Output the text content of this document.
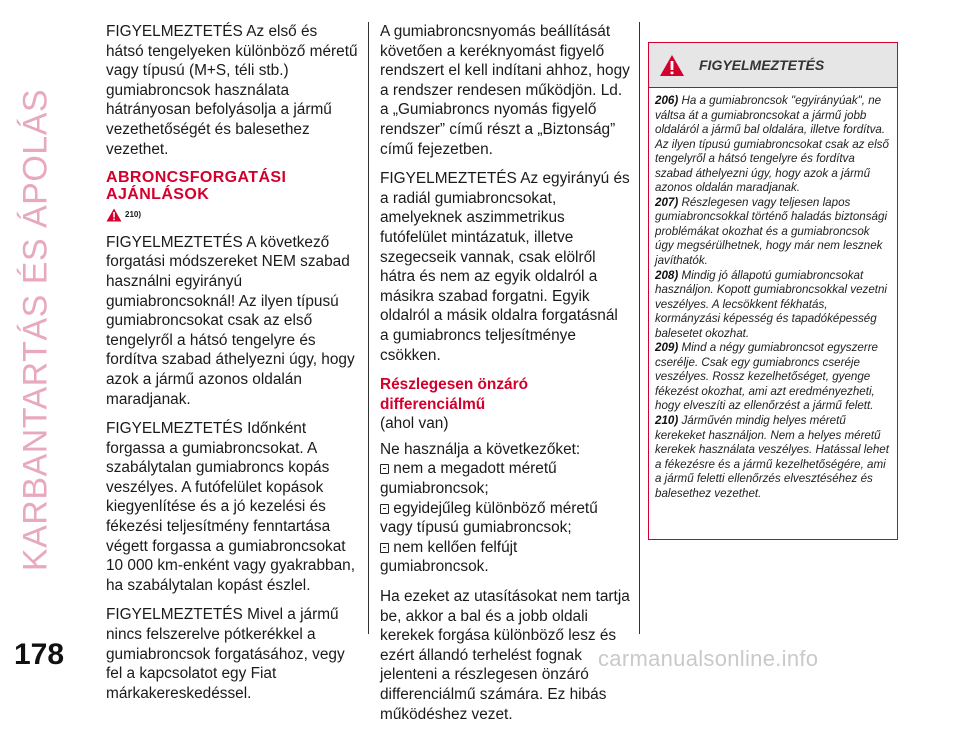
KARBANTARTÁS ÉS ÁPOLÁS
178	carmanualsonline.info

FIGYELMEZTETÉS Az első és hátsó tengelyeken különböző méretű vagy típusú (M+S, téli stb.) gumiabroncsok használata hátrányosan befolyásolja a jármű vezethetőségét és balesethez vezethet.

ABRONCSFORGATÁSI AJÁNLÁSOK
210)

FIGYELMEZTETÉS A következő forgatási módszereket NEM szabad használni egyirányú gumiabroncsoknál! Az ilyen típusú gumiabroncsokat csak az első tengelyről a hátsó tengelyre és fordítva szabad áthelyezni úgy, hogy azok a jármű azonos oldalán maradjanak.

FIGYELMEZTETÉS Időnként forgassa a gumiabroncsokat. A szabálytalan gumiabroncs kopás veszélyes. A futófelület kopások kiegyenlítése és a jó kezelési és fékezési teljesítmény fenntartása végett forgassa a gumiabroncsokat 10 000 km-enként vagy gyakrabban, ha szabálytalan kopást észlel.

FIGYELMEZTETÉS Mivel a jármű nincs felszerelve pótkerékkel a gumiabroncsok forgatásához, vegy fel a kapcsolatot egy Fiat márkakereskedéssel.

A gumiabroncsnyomás beállítását követően a keréknyomást figyelő rendszert el kell indítani ahhoz, hogy a rendszer rendesen működjön. Ld. a „Gumiabroncs nyomás figyelő rendszer” című részt a „Biztonság” című fejezetben.

FIGYELMEZTETÉS Az egyirányú és a radiál gumiabroncsokat, amelyeknek aszimmetrikus futófelület mintázatuk, illetve szegecseik vannak, csak elölről hátra és nem az egyik oldalról a másikra szabad forgatni. Egyik oldalról a másik oldalra forgatásnál a gumiabroncs teljesítménye csökken.

Részlegesen önzáró differenciálmű

(ahol van)

Ne használja a következőket:
nem a megadott méretű gumiabroncsok;
egyidejűleg különböző méretű vagy típusú gumiabroncsok;
nem kellően felfújt gumiabroncsok.

Ha ezeket az utasításokat nem tartja be, akkor a bal és a jobb oldali kerekek forgása különböző lesz és ezért állandó terhelést fognak jelenteni a részlegesen önzáró differenciálmű számára. Ez hibás működéshez vezet.

FIGYELMEZTETÉS
206) Ha a gumiabroncsok "egyirányúak", ne váltsa át a gumiabroncsokat a jármű jobb oldaláról a jármű bal oldalára, illetve fordítva. Az ilyen típusú gumiabroncsokat csak az első tengelyről a hátsó tengelyre és fordítva szabad áthelyezni úgy, hogy azok a jármű azonos oldalán maradjanak.
207) Részlegesen vagy teljesen lapos gumiabroncsokkal történő haladás biztonsági problémákat okozhat és a gumiabroncsok úgy megsérülhetnek, hogy már nem lesznek javíthatók.
208) Mindig jó állapotú gumiabroncsokat használjon. Kopott gumiabroncsokkal vezetni veszélyes. A lecsökkent fékhatás, kormányzási képesség és tapadóképesség balesetet okozhat.
209) Mind a négy gumiabroncsot egyszerre cserélje. Csak egy gumiabroncs cseréje veszélyes. Rossz kezelhetőséget, gyenge fékezést okozhat, ami azt eredményezheti, hogy elveszíti az ellenőrzést a jármű felett.
210) Járművén mindig helyes méretű kerekeket használjon. Nem a helyes méretű kerekek használata veszélyes. Hatással lehet a fékezésre és a jármű kezelhetőségére, ami a jármű feletti ellenőrzés elvesztéséhez és balesethez vezethet.
